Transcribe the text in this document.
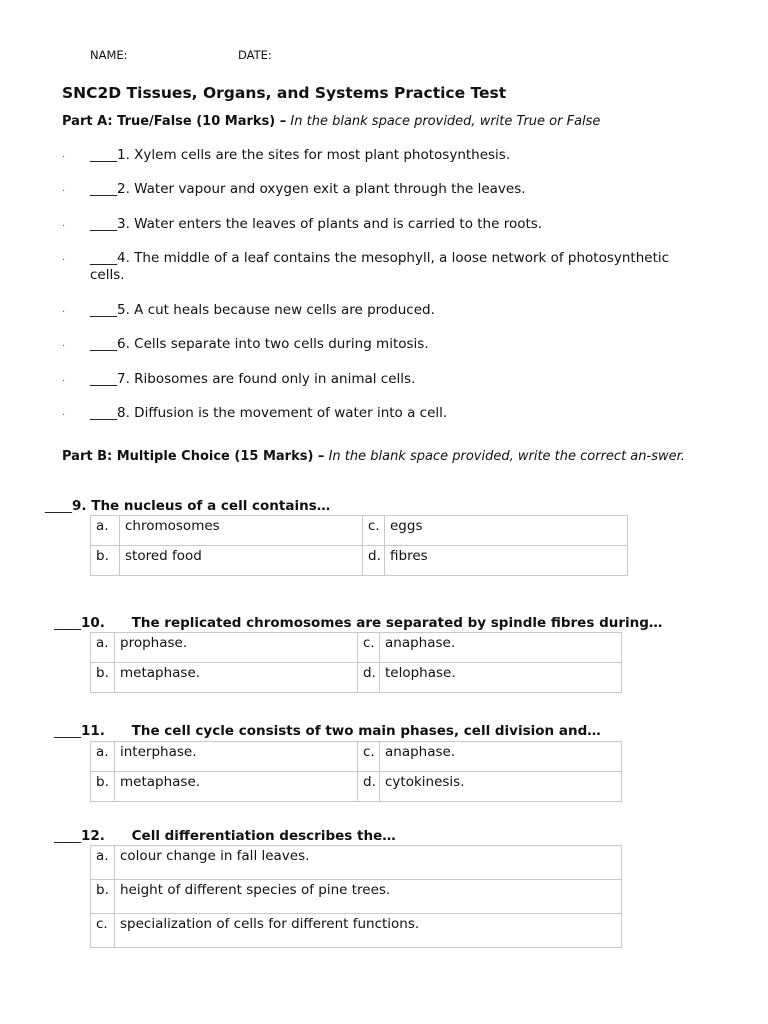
NAME:	DATE:
SNC2D Tissues, Organs, and Systems Practice Test
Part A: True/False (10 Marks) – In the blank space provided, write True or False
. ____1. Xylem cells are the sites for most plant photosynthesis.
. ____2. Water vapour and oxygen exit a plant through the leaves.
. ____3. Water enters the leaves of plants and is carried to the roots.
. ____4. The middle of a leaf contains the mesophyll, a loose network of photosynthetic cells.
. ____5. A cut heals because new cells are produced.
. ____6. Cells separate into two cells during mitosis.
. ____7. Ribosomes are found only in animal cells.
. ____8. Diffusion is the movement of water into a cell.
Part B: Multiple Choice (15 Marks) – In the blank space provided, write the correct an-swer.
____9. The nucleus of a cell contains…
a.	chromosomes	c.	eggs
b.	stored food	d.	fibres
____10. The replicated chromosomes are separated by spindle fibres during…
a.	prophase.	c.	anaphase.
b.	metaphase.	d.	telophase.
____11. The cell cycle consists of two main phases, cell division and…
a.	interphase.	c.	anaphase.
b.	metaphase.	d.	cytokinesis.
____12. Cell differentiation describes the…
a.	colour change in fall leaves.
b.	height of different species of pine trees.
c.	specialization of cells for different functions.
